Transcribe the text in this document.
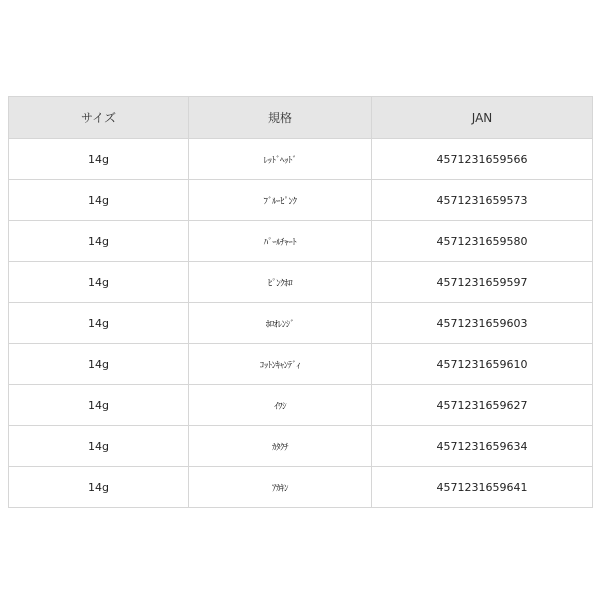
サイズ	規格	JAN
14g	ﾚｯﾄﾞﾍｯﾄﾞ	4571231659566
14g	ﾌﾞﾙｰﾋﾟﾝｸ	4571231659573
14g	ﾊﾟｰﾙﾁｬｰﾄ	4571231659580
14g	ﾋﾟﾝｸﾎﾛ	4571231659597
14g	ﾎﾛｵﾚﾝｼﾞ	4571231659603
14g	ｺｯﾄﾝｷｬﾝﾃﾞｨ	4571231659610
14g	ｲﾜｼ	4571231659627
14g	ｶﾀｸﾁ	4571231659634
14g	ｱｶｷﾝ	4571231659641
